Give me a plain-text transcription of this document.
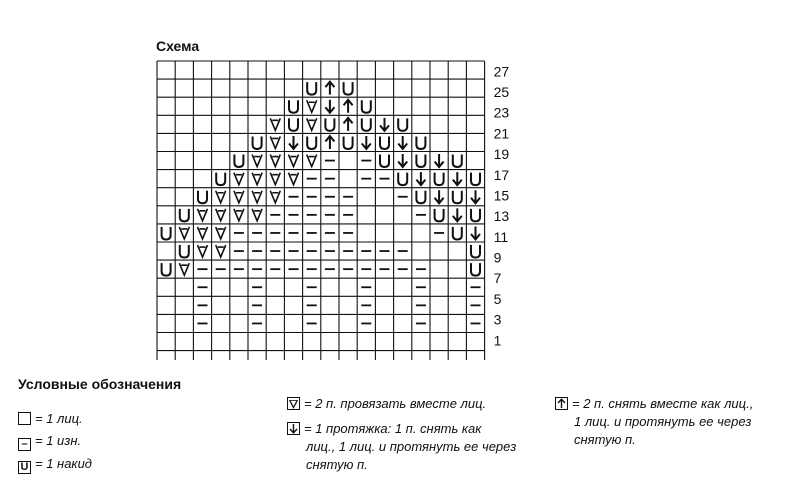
Схема
27
25
23
21
19
17
15
13
11
9
7
5
3
1
Условные обозначения
= 1 лиц.
– = 1 изн.
U = 1 накид
= 2 п. провязать вместе лиц.
= 1 протяжка: 1 п. снять как
лиц., 1 лиц. и протянуть ее через
снятую п.
= 2 п. снять вместе как лиц.,
1 лиц. и протянуть ее через
снятую п.
